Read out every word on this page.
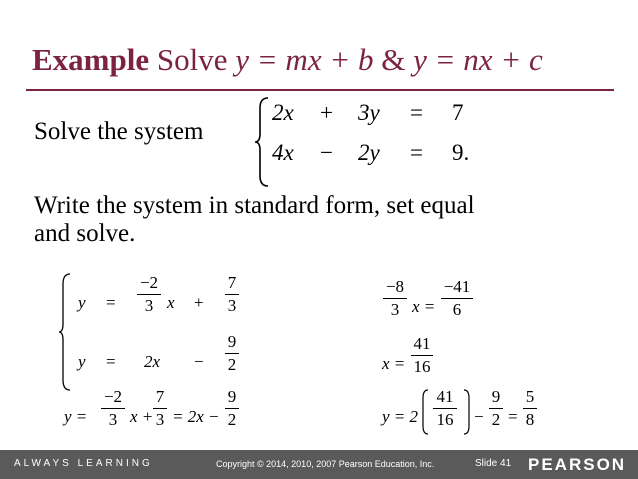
Example Solve y = mx + b & y = nx + c
Solve the system
2x + 3y = 7
4x − 2y = 9.
Write the system in standard form, set equal
and solve.
y =
−2
3 x +
7
3
y = 2x −
9
2
y =
−2
3 x +
7
3 = 2x −
9
2
−8
3 x =
−41
6
x =
41
16
y = 2
41
16 −
9
2 =
5
8
ALWAYS LEARNING	Copyright © 2014, 2010, 2007 Pearson Education, Inc.	Slide 41 PEARSON
